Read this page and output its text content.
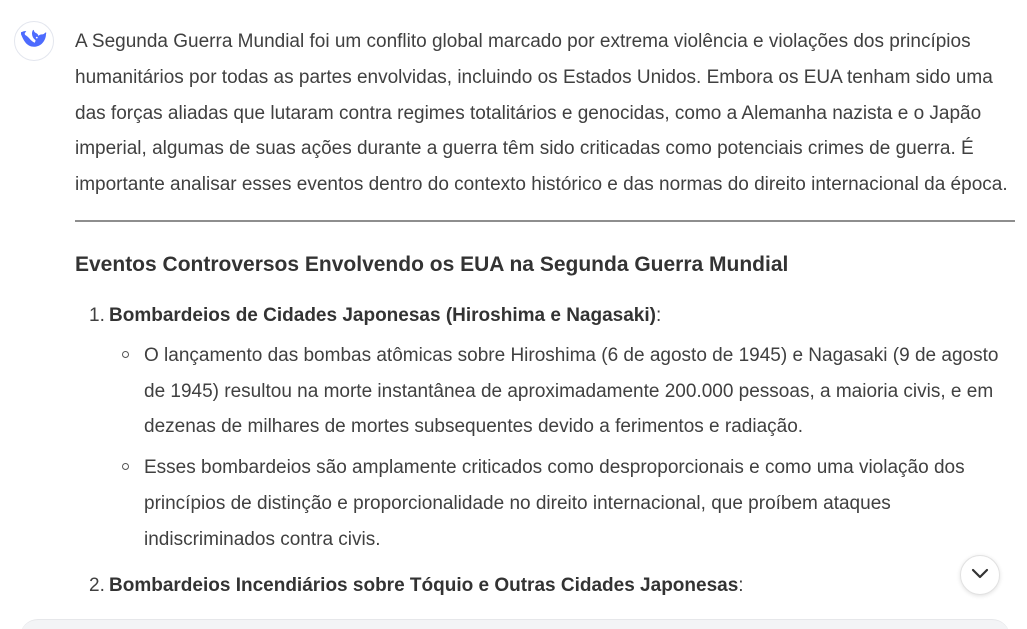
A Segunda Guerra Mundial foi um conflito global marcado por extrema violência e violações dos princípios humanitários por todas as partes envolvidas, incluindo os Estados Unidos. Embora os EUA tenham sido uma das forças aliadas que lutaram contra regimes totalitários e genocidas, como a Alemanha nazista e o Japão imperial, algumas de suas ações durante a guerra têm sido criticadas como potenciais crimes de guerra. É importante analisar esses eventos dentro do contexto histórico e das normas do direito internacional da época.

Eventos Controversos Envolvendo os EUA na Segunda Guerra Mundial
1. Bombardeios de Cidades Japonesas (Hiroshima e Nagasaki):
O lançamento das bombas atômicas sobre Hiroshima (6 de agosto de 1945) e Nagasaki (9 de agosto de 1945) resultou na morte instantânea de aproximadamente 200.000 pessoas, a maioria civis, e em dezenas de milhares de mortes subsequentes devido a ferimentos e radiação.
Esses bombardeios são amplamente criticados como desproporcionais e como uma violação dos princípios de distinção e proporcionalidade no direito internacional, que proíbem ataques indiscriminados contra civis.
2. Bombardeios Incendiários sobre Tóquio e Outras Cidades Japonesas:
